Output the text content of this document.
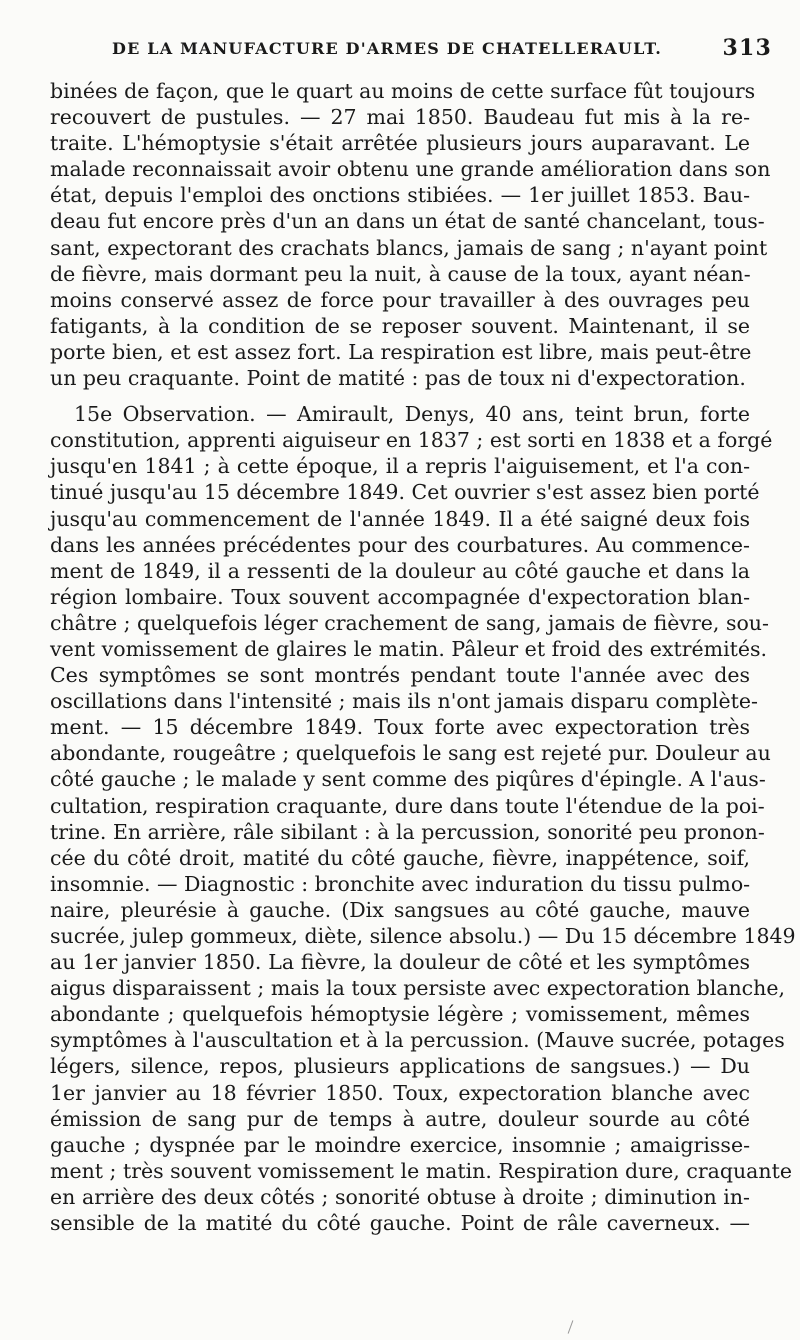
DE LA MANUFACTURE D'ARMES DE CHATELLERAULT.	313
binées de façon, que le quart au moins de cette surface fût toujours
recouvert de pustules. — 27 mai 1850. Baudeau fut mis à la re-
traite. L'hémoptysie s'était arrêtée plusieurs jours auparavant. Le
malade reconnaissait avoir obtenu une grande amélioration dans son
état, depuis l'emploi des onctions stibiées. — 1er juillet 1853. Bau-
deau fut encore près d'un an dans un état de santé chancelant, tous-
sant, expectorant des crachats blancs, jamais de sang ; n'ayant point
de fièvre, mais dormant peu la nuit, à cause de la toux, ayant néan-
moins conservé assez de force pour travailler à des ouvrages peu
fatigants, à la condition de se reposer souvent. Maintenant, il se
porte bien, et est assez fort. La respiration est libre, mais peut-être
un peu craquante. Point de matité : pas de toux ni d'expectoration.
15e Observation. — Amirault, Denys, 40 ans, teint brun, forte
constitution, apprenti aiguiseur en 1837 ; est sorti en 1838 et a forgé
jusqu'en 1841 ; à cette époque, il a repris l'aiguisement, et l'a con-
tinué jusqu'au 15 décembre 1849. Cet ouvrier s'est assez bien porté
jusqu'au commencement de l'année 1849. Il a été saigné deux fois
dans les années précédentes pour des courbatures. Au commence-
ment de 1849, il a ressenti de la douleur au côté gauche et dans la
région lombaire. Toux souvent accompagnée d'expectoration blan-
châtre ; quelquefois léger crachement de sang, jamais de fièvre, sou-
vent vomissement de glaires le matin. Pâleur et froid des extrémités.
Ces symptômes se sont montrés pendant toute l'année avec des
oscillations dans l'intensité ; mais ils n'ont jamais disparu complète-
ment. — 15 décembre 1849. Toux forte avec expectoration très
abondante, rougeâtre ; quelquefois le sang est rejeté pur. Douleur au
côté gauche ; le malade y sent comme des piqûres d'épingle. A l'aus-
cultation, respiration craquante, dure dans toute l'étendue de la poi-
trine. En arrière, râle sibilant : à la percussion, sonorité peu pronon-
cée du côté droit, matité du côté gauche, fièvre, inappétence, soif,
insomnie. — Diagnostic : bronchite avec induration du tissu pulmo-
naire, pleurésie à gauche. (Dix sangsues au côté gauche, mauve
sucrée, julep gommeux, diète, silence absolu.) — Du 15 décembre 1849
au 1er janvier 1850. La fièvre, la douleur de côté et les symptômes
aigus disparaissent ; mais la toux persiste avec expectoration blanche,
abondante ; quelquefois hémoptysie légère ; vomissement, mêmes
symptômes à l'auscultation et à la percussion. (Mauve sucrée, potages
légers, silence, repos, plusieurs applications de sangsues.) — Du
1er janvier au 18 février 1850. Toux, expectoration blanche avec
émission de sang pur de temps à autre, douleur sourde au côté
gauche ; dyspnée par le moindre exercice, insomnie ; amaigrisse-
ment ; très souvent vomissement le matin. Respiration dure, craquante
en arrière des deux côtés ; sonorité obtuse à droite ; diminution in-
sensible de la matité du côté gauche. Point de râle caverneux. —
